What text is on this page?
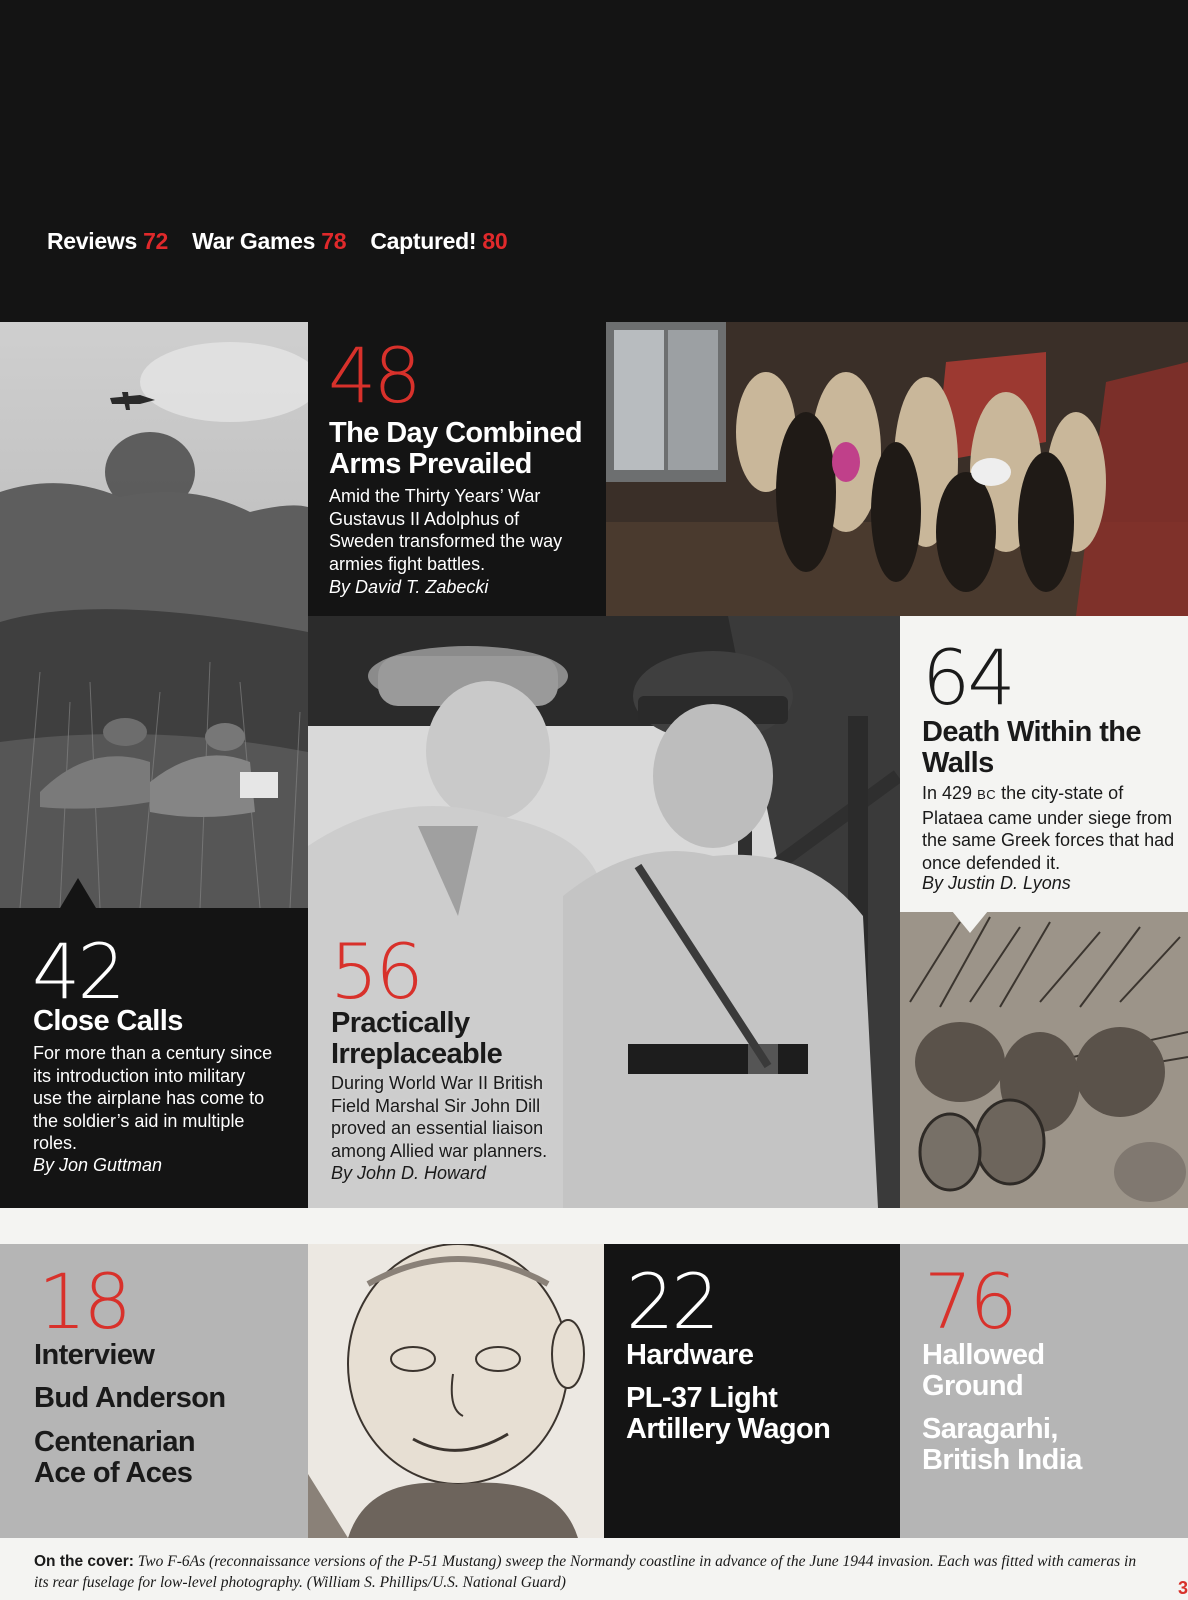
Reviews 72 War Games 78 Captured! 80
48
The Day Combined Arms Prevailed
Amid the Thirty Years’ War Gustavus II Adolphus of Sweden transformed the way armies fight battles.
By David T. Zabecki
64
Death Within the Walls
In 429 BC the city-state of Plataea came under siege from the same Greek forces that had once defended it.
By Justin D. Lyons
42
Close Calls
For more than a century since its introduction into military use the airplane has come to the soldier’s aid in multiple roles.
By Jon Guttman
56
Practically Irreplaceable
During World War II British Field Marshal Sir John Dill proved an essential liaison among Allied war planners.
By John D. Howard
18
Interview
Bud Anderson
Centenarian Ace of Aces
22
Hardware
PL-37 Light Artillery Wagon
76
Hallowed Ground
Saragarhi, British India
On the cover: Two F-6As (reconnaissance versions of the P-51 Mustang) sweep the Normandy coastline in advance of the June 1944 invasion. Each was fitted with cameras in its rear fuselage for low-level photography. (William S. Phillips/U.S. National Guard)	3
